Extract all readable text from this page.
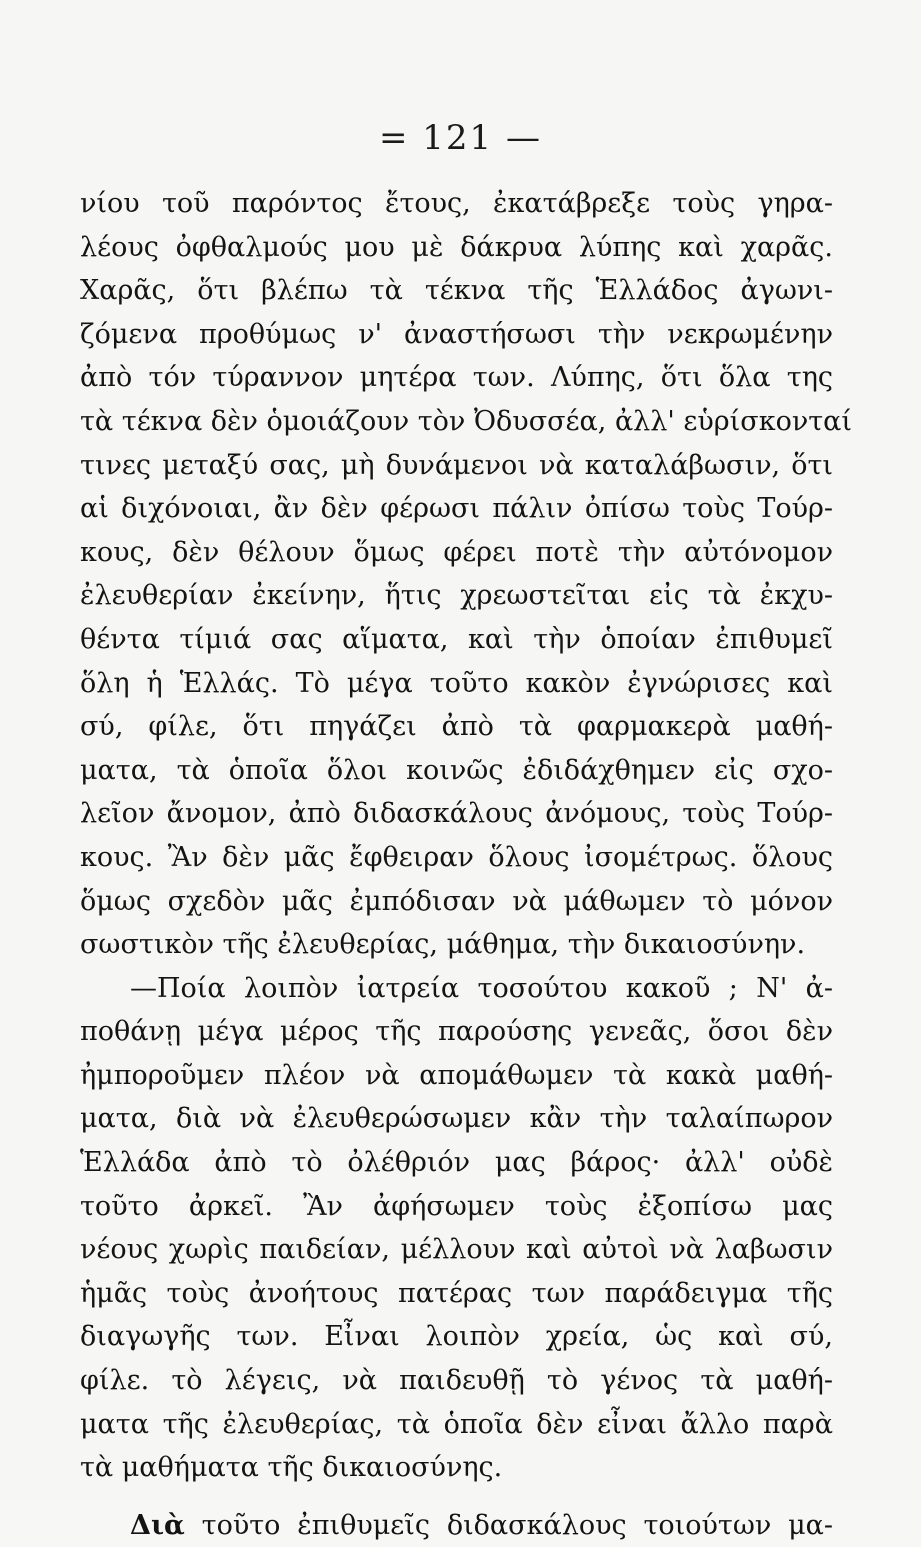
= 121 —
νίου τοῦ παρόντος ἔτους, ἐκατάβρεξε τοὺς γηρα-
λέους ὀφθαλμούς μου μὲ δάκρυα λύπης καὶ χαρᾶς.
Χαρᾶς, ὅτι βλέπω τὰ τέκνα τῆς Ἑλλάδος ἀγωνι-
ζόμενα προθύμως ν' ἀναστήσωσι τὴν νεκρωμένην
ἀπὸ τόν τύραννον μητέρα των. Λύπης, ὅτι ὅλα της
τὰ τέκνα δὲν ὁμοιάζουν τὸν Ὀδυσσέα, ἀλλ' εὑρίσκονταί
τινες μεταξύ σας, μὴ δυνάμενοι νὰ καταλάβωσιν, ὅτι
αἱ διχόνοιαι, ἂν δὲν φέρωσι πάλιν ὀπίσω τοὺς Τούρ-
κους, δὲν θέλουν ὅμως φέρει ποτὲ τὴν αὐτόνομον
ἐλευθερίαν ἐκείνην, ἥτις χρεωστεῖται εἰς τὰ ἐκχυ-
θέντα τίμιά σας αἵματα, καὶ τὴν ὁποίαν ἐπιθυμεῖ
ὅλη ἡ Ἑλλάς. Τὸ μέγα τοῦτο κακὸν ἐγνώρισες καὶ
σύ, φίλε, ὅτι πηγάζει ἀπὸ τὰ φαρμακερὰ μαθή-
ματα, τὰ ὁποῖα ὅλοι κοινῶς ἐδιδάχθημεν εἰς σχο-
λεῖον ἄνομον, ἀπὸ διδασκάλους ἀνόμους, τοὺς Τούρ-
κους. Ἂν δὲν μᾶς ἔφθειραν ὅλους ἰσομέτρως. ὅλους
ὅμως σχεδὸν μᾶς ἐμπόδισαν νὰ μάθωμεν τὸ μόνον
σωστικὸν τῆς ἐλευθερίας, μάθημα, τὴν δικαιοσύνην.
—Ποία λοιπὸν ἰατρεία τοσούτου κακοῦ ; Ν' ἀ-
ποθάνῃ μέγα μέρος τῆς παρούσης γενεᾶς, ὅσοι δὲν
ἠμποροῦμεν πλέον νὰ απομάθωμεν τὰ κακὰ μαθή-
ματα, διὰ νὰ ἐλευθερώσωμεν κἂν τὴν ταλαίπωρον
Ἑλλάδα ἀπὸ τὸ ὀλέθριόν μας βάρος· ἀλλ' οὐδὲ
τοῦτο ἀρκεῖ. Ἂν ἀφήσωμεν τοὺς ἐξοπίσω μας
νέους χωρὶς παιδείαν, μέλλουν καὶ αὐτοὶ νὰ λαβωσιν
ἡμᾶς τοὺς ἀνοήτους πατέρας των παράδειγμα τῆς
διαγωγῆς των. Εἶναι λοιπὸν χρεία, ὡς καὶ σύ,
φίλε. τὸ λέγεις, νὰ παιδευθῇ τὸ γένος τὰ μαθή-
ματα τῆς ἐλευθερίας, τὰ ὁποῖα δὲν εἶναι ἄλλο παρὰ
τὰ μαθήματα τῆς δικαιοσύνης.
Διὰ τοῦτο ἐπιθυμεῖς διδασκάλους τοιούτων μα-
